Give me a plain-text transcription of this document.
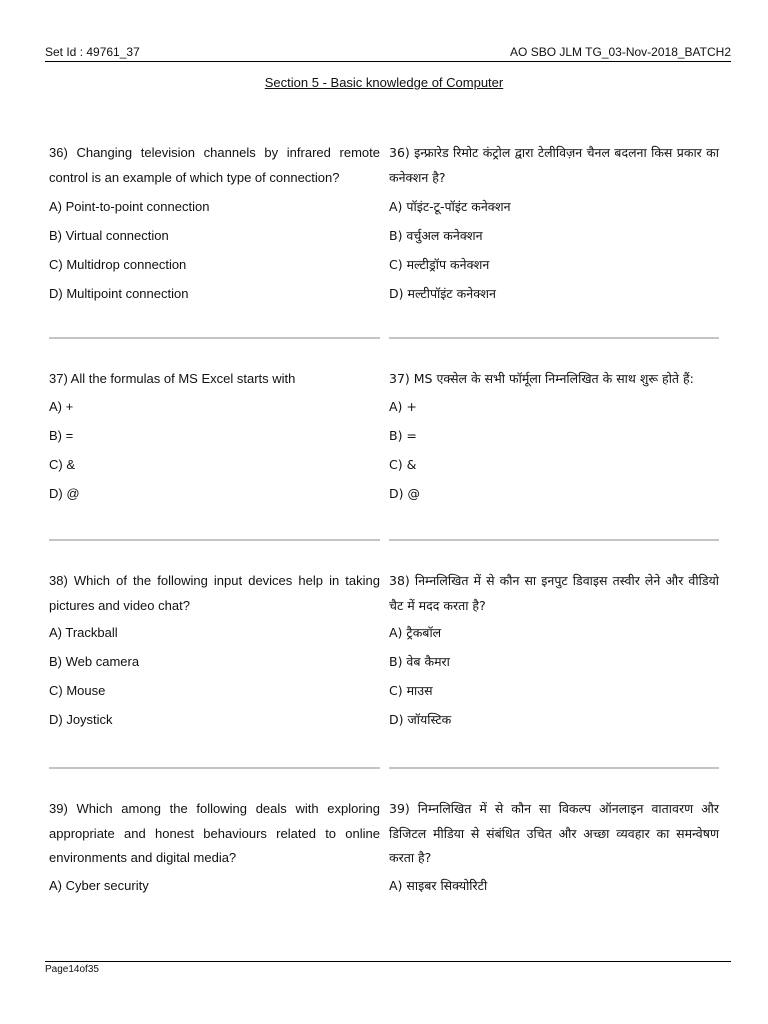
Set Id : 49761_37	AO SBO JLM TG_03-Nov-2018_BATCH2
Section 5 - Basic knowledge of Computer

36) Changing television channels by infrared remote control is an example of which type of connection?

A) Point-to-point connection

B) Virtual connection

C) Multidrop connection

D) Multipoint connection

36) इन्फ्रारेड रिमोट कंट्रोल द्वारा टेलीविज़न चैनल बदलना किस प्रकार का कनेक्शन है?

A) पॉइंट-टू-पॉइंट कनेक्शन

B) वर्चुअल कनेक्शन

C) मल्टीड्रॉप कनेक्शन

D) मल्टीपॉइंट कनेक्शन

37) All the formulas of MS Excel starts with

A) +

B) =

C) &

D) @

37) MS एक्सेल के सभी फॉर्मूला निम्नलिखित के साथ शुरू होते हैं:

A) +

B) =

C) &

D) @

38) Which of the following input devices help in taking pictures and video chat?

A) Trackball

B) Web camera

C) Mouse

D) Joystick

38) निम्नलिखित में से कौन सा इनपुट डिवाइस तस्वीर लेने और वीडियो चैट में मदद करता है?

A) ट्रैकबॉल

B) वेब कैमरा

C) माउस

D) जॉयस्टिक

39) Which among the following deals with exploring appropriate and honest behaviours related to online environments and digital media?

A) Cyber security

39) निम्नलिखित में से कौन सा विकल्प ऑनलाइन वातावरण और डिजिटल मीडिया से संबंधित उचित और अच्छा व्यवहार का समन्वेषण करता है?

A) साइबर सिक्योरिटी

Page14of35
